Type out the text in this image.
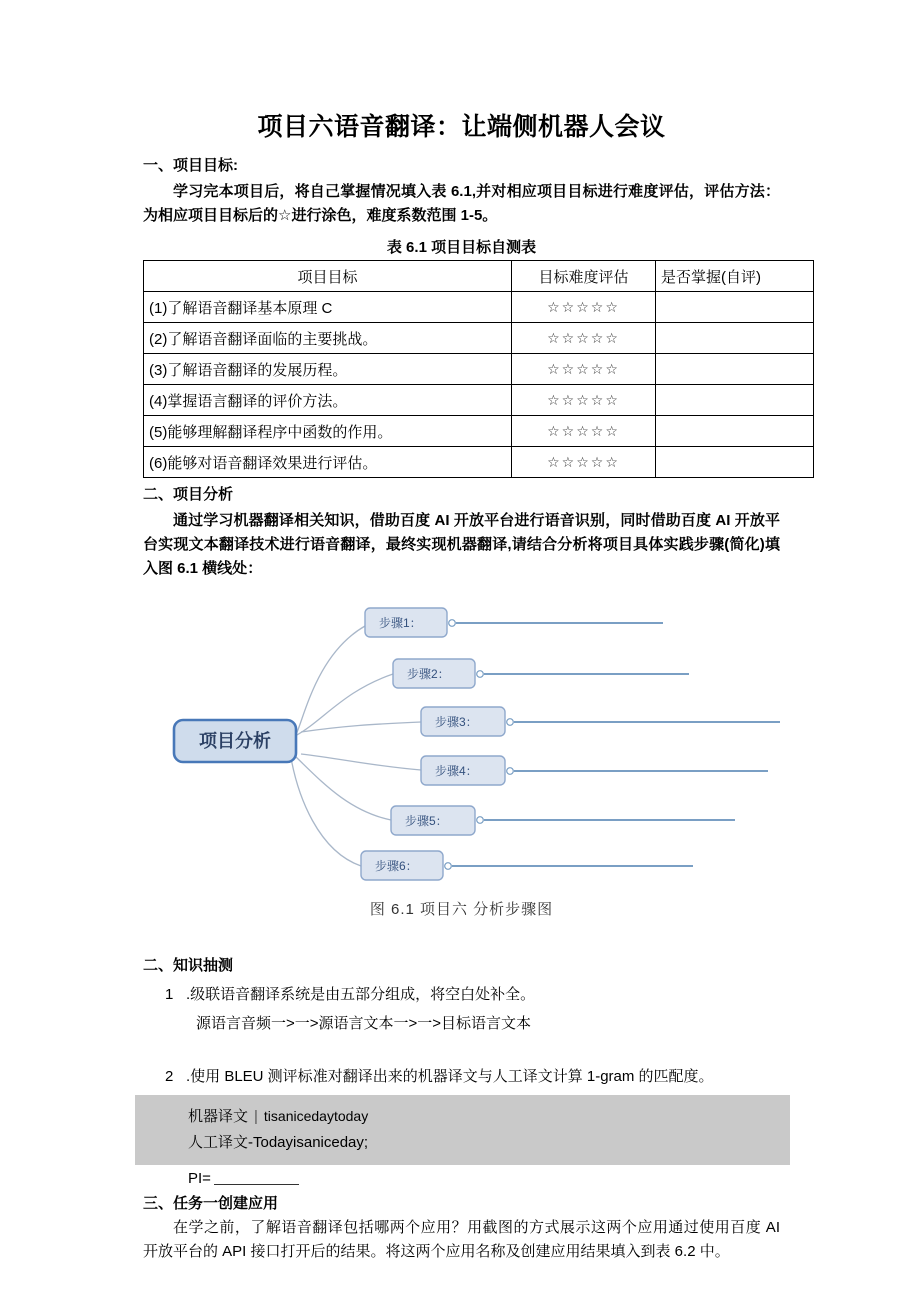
项目六语音翻译：让端侧机器人会议
一、项目目标:
学习完本项目后，将自己掌握情况填入表 6.1,并对相应项目目标进行难度评估，评估方法：为相应项目目标后的☆进行涂色，难度系数范围 1-5。
表 6.1 项目目标自测表
项目目标	目标难度评估	是否掌握(自评)
(1)了解语音翻译基本原理 C	☆☆☆☆☆	
(2)了解语音翻译面临的主要挑战。	☆☆☆☆☆	
(3)了解语音翻译的发展历程。	☆☆☆☆☆	
(4)掌握语言翻译的评价方法。	☆☆☆☆☆	
(5)能够理解翻译程序中函数的作用。	☆☆☆☆☆	
(6)能够对语音翻译效果进行评估。	☆☆☆☆☆	
二、项目分析
通过学习机器翻译相关知识，借助百度 AI 开放平台进行语音识别，同时借助百度 AI 开放平台实现文本翻译技术进行语音翻译，最终实现机器翻译,请结合分析将项目具体实践步骤(简化)填入图 6.1 横线处：
项目分析
步骤1：
步骤2：
步骤3：
步骤4：
步骤5：
步骤6：
图 6.1 项目六 分析步骤图
二、知识抽测
1 .级联语音翻译系统是由五部分组成，将空白处补全。
源语言音频一>一>源语言文本一>一>目标语言文本
2 .使用 BLEU 测评标准对翻译出来的机器译文与人工译文计算 1-gram 的匹配度。
机器译文 | tisanicedaytoday
人工译文-Todayisaniceday;
PI=
三、任务一创建应用
在学之前，了解语音翻译包括哪两个应用？用截图的方式展示这两个应用通过使用百度 AI 开放平台的 API 接口打开后的结果。将这两个应用名称及创建应用结果填入到表 6.2 中。
